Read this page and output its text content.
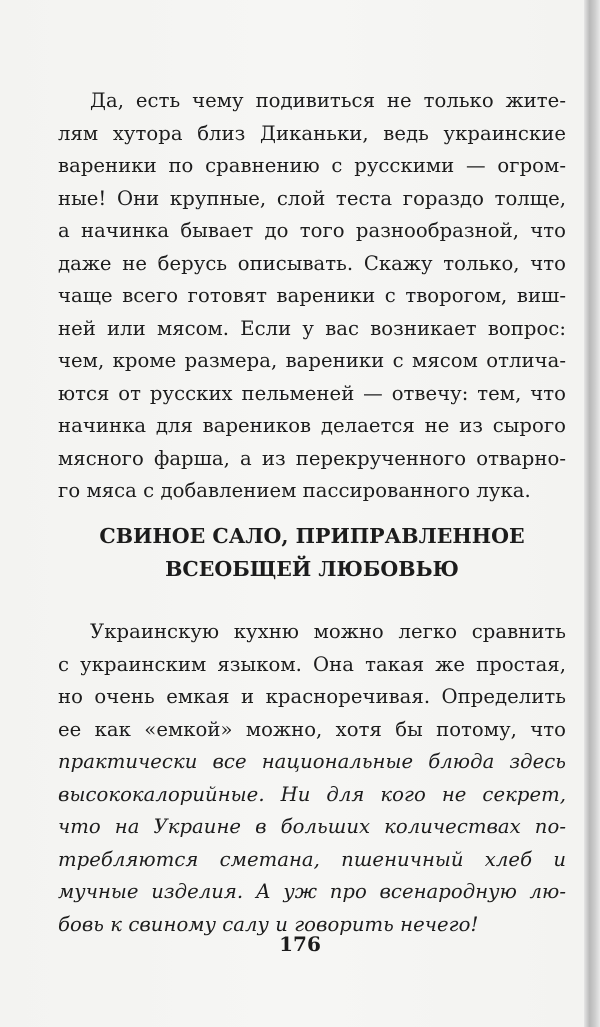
Да, есть чему подивиться не только жите-
лям хутора близ Диканьки, ведь украинские
вареники по сравнению с русскими — огром-
ные! Они крупные, слой теста гораздо толще,
а начинка бывает до того разнообразной, что
даже не берусь описывать. Скажу только, что
чаще всего готовят вареники с творогом, виш-
ней или мясом. Если у вас возникает вопрос:
чем, кроме размера, вареники с мясом отлича-
ются от русских пельменей — отвечу: тем, что
начинка для вареников делается не из сырого
мясного фарша, а из перекрученного отварно-
го мяса с добавлением пассированного лука.
СВИНОЕ САЛО, ПРИПРАВЛЕННОЕ
ВСЕОБЩЕЙ ЛЮБОВЬЮ
Украинскую кухню можно легко сравнить
с украинским языком. Она такая же простая,
но очень емкая и красноречивая. Определить
ее как «емкой» можно, хотя бы потому, что
практически все национальные блюда здесь
высококалорийные. Ни для кого не секрет,
что на Украине в больших количествах по-
требляются сметана, пшеничный хлеб и
мучные изделия. А уж про всенародную лю-
бовь к свиному салу и говорить нечего!
176
